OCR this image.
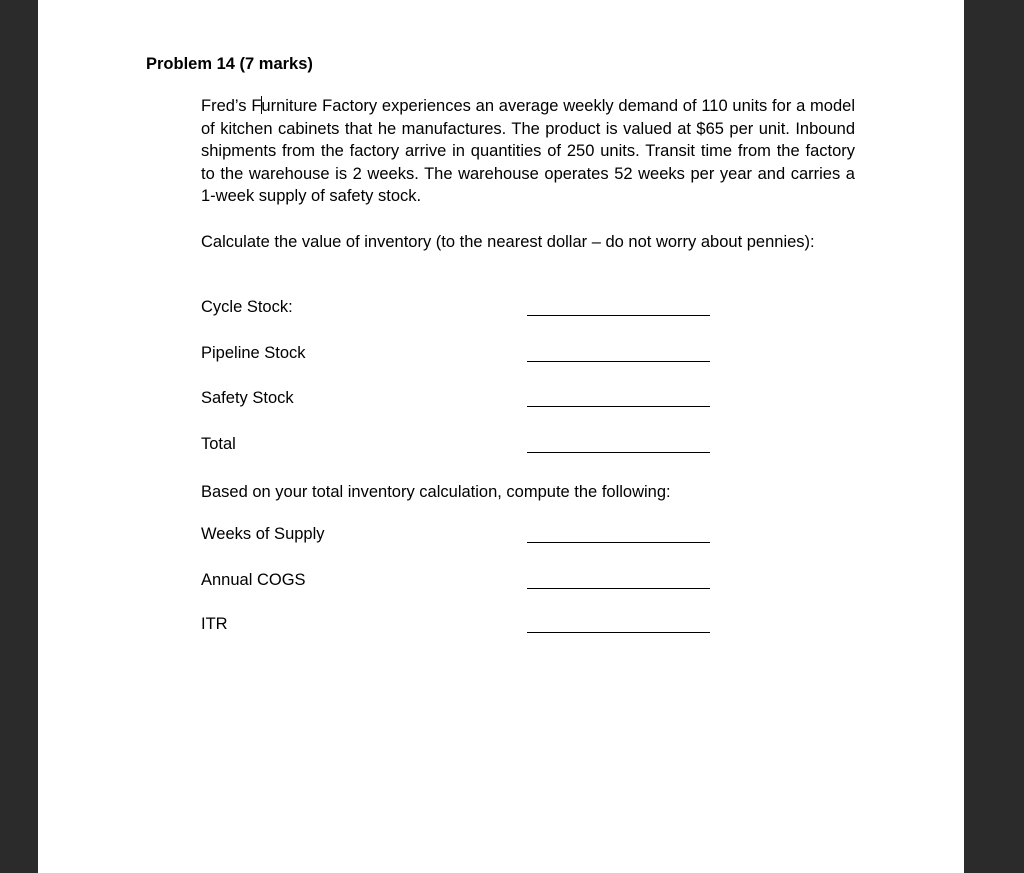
Problem 14 (7 marks)

Fred’s Furniture Factory experiences an average weekly demand of 110 units for a model of kitchen cabinets that he manufactures. The product is valued at $65 per unit. Inbound shipments from the factory arrive in quantities of 250 units. Transit time from the factory to the warehouse is 2 weeks. The warehouse operates 52 weeks per year and carries a 1-week supply of safety stock.

Calculate the value of inventory (to the nearest dollar – do not worry about pennies):

Cycle Stock:
Pipeline Stock
Safety Stock
Total

Based on your total inventory calculation, compute the following:

Weeks of Supply
Annual COGS
ITR
